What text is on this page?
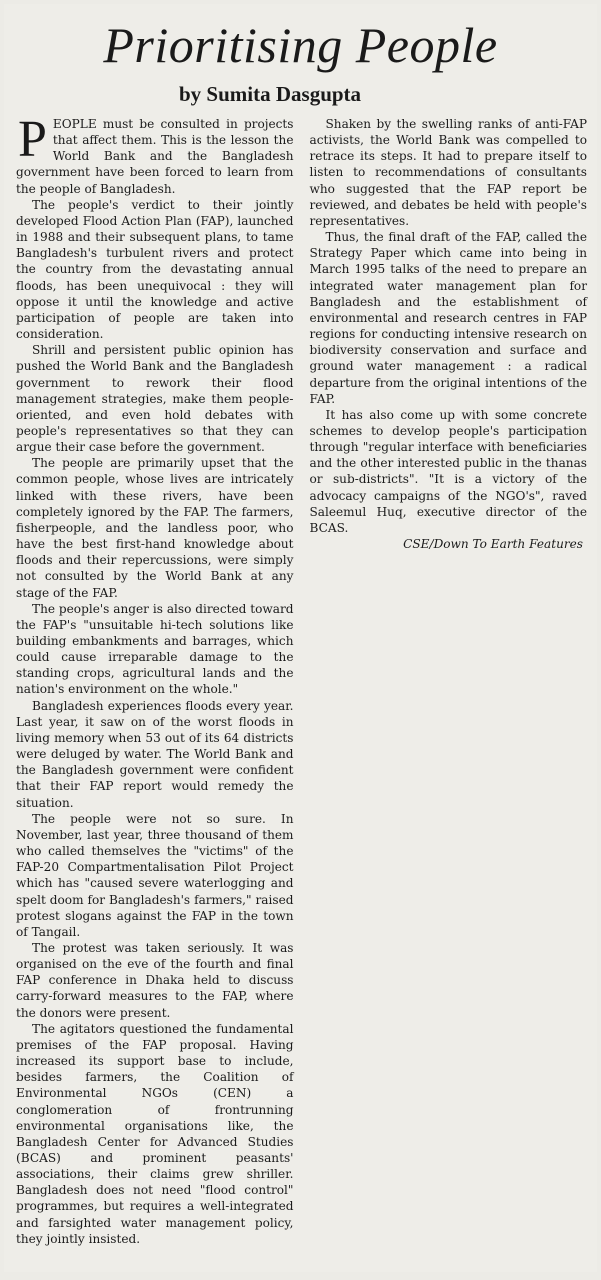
Prioritising People
by Sumita Dasgupta

PEOPLE must be consulted in projects that affect them. This is the lesson the World Bank and the Bangladesh government have been forced to learn from the people of Bangladesh.

The people's verdict to their jointly developed Flood Action Plan (FAP), launched in 1988 and their subsequent plans, to tame Bangladesh's turbulent rivers and protect the country from the devastating annual floods, has been unequivocal : they will oppose it until the knowledge and active participation of people are taken into consideration.

Shrill and persistent public opinion has pushed the World Bank and the Bangladesh government to rework their flood management strategies, make them people-oriented, and even hold debates with people's representatives so that they can argue their case before the government.

The people are primarily upset that the common people, whose lives are intricately linked with these rivers, have been completely ignored by the FAP. The farmers, fisherpeople, and the landless poor, who have the best first-hand knowledge about floods and their repercussions, were simply not consulted by the World Bank at any stage of the FAP.

The people's anger is also directed toward the FAP's "unsuitable hi-tech solutions like building embankments and barrages, which could cause irreparable damage to the standing crops, agricultural lands and the nation's environment on the whole."

Bangladesh experiences floods every year. Last year, it saw on of the worst floods in living memory when 53 out of its 64 districts were deluged by water. The World Bank and the Bangladesh government were confident that their FAP report would remedy the situation.

The people were not so sure. In November, last year, three thousand of them who called themselves the "victims" of the FAP-20 Compartmentalisation Pilot Project which has "caused severe waterlogging and spelt doom for Bangladesh's farmers," raised protest slogans against the FAP in the town of Tangail.

The protest was taken seriously. It was organised on the eve of the fourth and final FAP conference in Dhaka held to discuss carry-forward measures to the FAP, where the donors were present.

The agitators questioned the fundamental premises of the FAP proposal. Having increased its support base to include, besides farmers, the Coalition of Environmental NGOs (CEN) a conglomeration of frontrunning environmental organisations like, the Bangladesh Center for Advanced Studies (BCAS) and prominent peasants' associations, their claims grew shriller. Bangladesh does not need "flood control" programmes, but requires a well-integrated and farsighted water management policy, they jointly insisted.

Shaken by the swelling ranks of anti-FAP activists, the World Bank was compelled to retrace its steps. It had to prepare itself to listen to recommendations of consultants who suggested that the FAP report be reviewed, and debates be held with people's representatives.

Thus, the final draft of the FAP, called the Strategy Paper which came into being in March 1995 talks of the need to prepare an integrated water management plan for Bangladesh and the establishment of environmental and research centres in FAP regions for conducting intensive research on biodiversity conservation and surface and ground water management : a radical departure from the original intentions of the FAP.

It has also come up with some concrete schemes to develop people's participation through "regular interface with beneficiaries and the other interested public in the thanas or sub-districts". "It is a victory of the advocacy campaigns of the NGO's", raved Saleemul Huq, executive director of the BCAS.

CSE/Down To Earth Features
